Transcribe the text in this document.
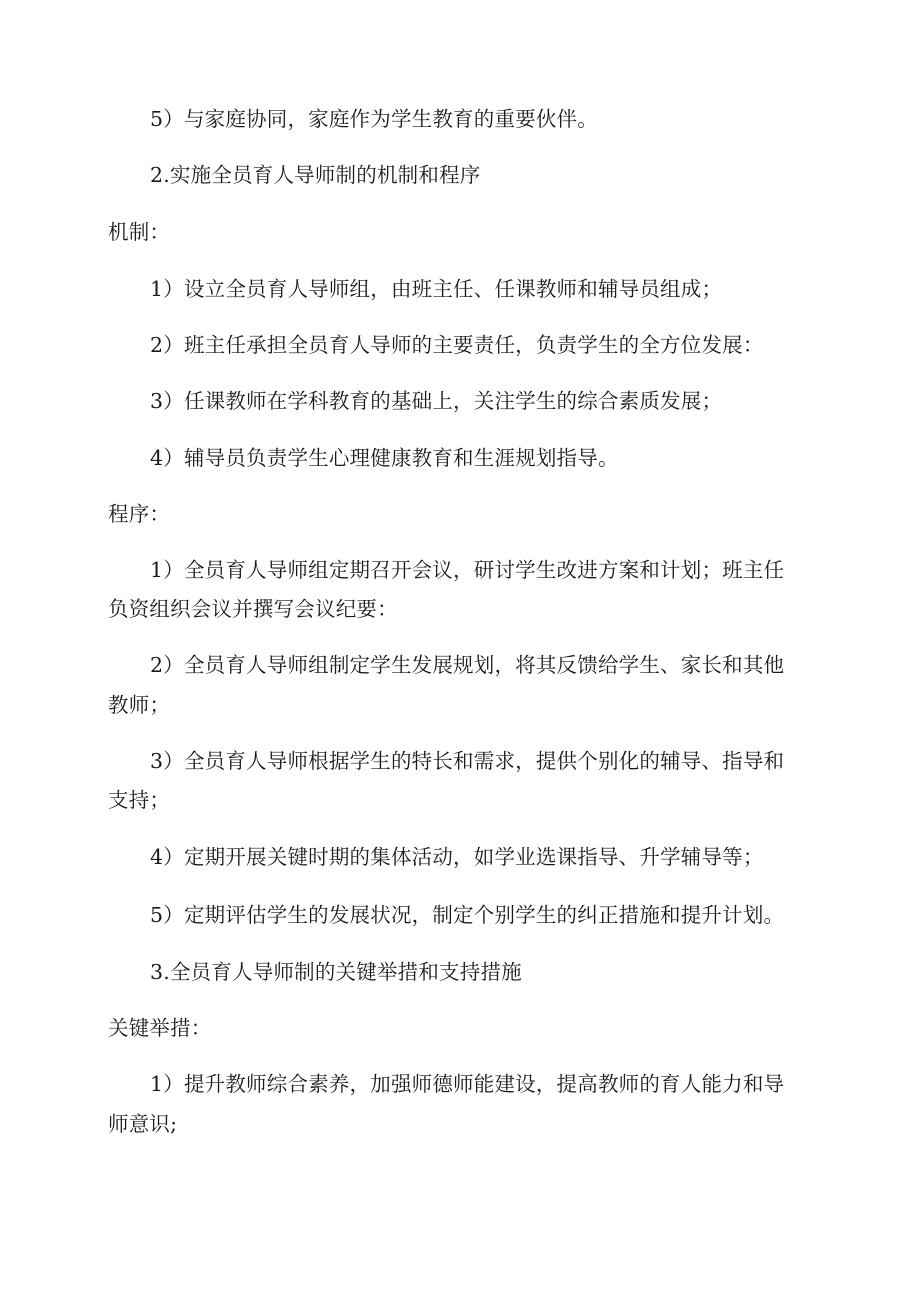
5）与家庭协同，家庭作为学生教育的重要伙伴。
2.实施全员育人导师制的机制和程序
机制：
1）设立全员育人导师组，由班主任、任课教师和辅导员组成；
2）班主任承担全员育人导师的主要责任，负责学生的全方位发展：
3）任课教师在学科教育的基础上，关注学生的综合素质发展；
4）辅导员负责学生心理健康教育和生涯规划指导。
程序：
1）全员育人导师组定期召开会议，研讨学生改进方案和计划；班主任
负资组织会议并撰写会议纪要：
2）全员育人导师组制定学生发展规划，将其反馈给学生、家长和其他
教师；
3）全员育人导师根据学生的特长和需求，提供个别化的辅导、指导和
支持；
4）定期开展关键时期的集体活动，如学业选课指导、升学辅导等；
5）定期评估学生的发展状况，制定个别学生的纠正措施和提升计划。
3.全员育人导师制的关键举措和支持措施
关键举措：
1）提升教师综合素养，加强师德师能建设，提高教师的育人能力和导
师意识;
